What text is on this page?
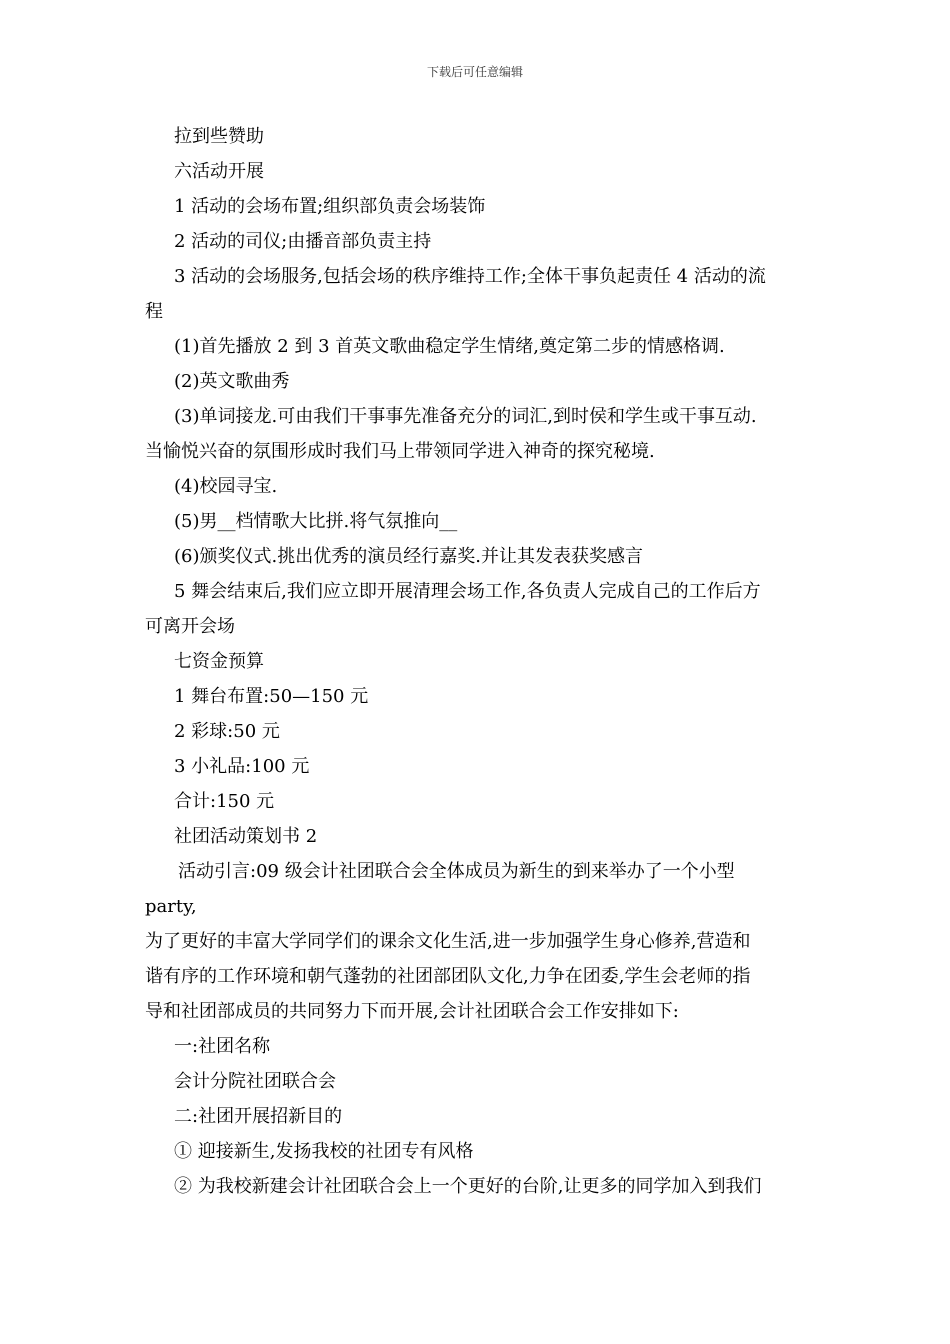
下载后可任意编辑
拉到些赞助
六活动开展
1 活动的会场布置;组织部负责会场装饰
2 活动的司仪;由播音部负责主持
3 活动的会场服务,包括会场的秩序维持工作;全体干事负起责任 4 活动的流
程
(1)首先播放 2 到 3 首英文歌曲稳定学生情绪,奠定第二步的情感格调.
(2)英文歌曲秀
(3)单词接龙.可由我们干事事先准备充分的词汇,到时侯和学生或干事互动.
当愉悦兴奋的氛围形成时我们马上带领同学进入神奇的探究秘境.
(4)校园寻宝.
(5)男__档情歌大比拼.将气氛推向__
(6)颁奖仪式.挑出优秀的演员经行嘉奖.并让其发表获奖感言
5 舞会结束后,我们应立即开展清理会场工作,各负责人完成自己的工作后方
可离开会场
七资金预算
1 舞台布置:50—150 元
2 彩球:50 元
3 小礼品:100 元
合计:150 元
社团活动策划书 2
活动引言:09 级会计社团联合会全体成员为新生的到来举办了一个小型
party,
为了更好的丰富大学同学们的课余文化生活,进一步加强学生身心修养,营造和
谐有序的工作环境和朝气蓬勃的社团部团队文化,力争在团委,学生会老师的指
导和社团部成员的共同努力下而开展,会计社团联合会工作安排如下:
一:社团名称
会计分院社团联合会
二:社团开展招新目的
① 迎接新生,发扬我校的社团专有风格
② 为我校新建会计社团联合会上一个更好的台阶,让更多的同学加入到我们
